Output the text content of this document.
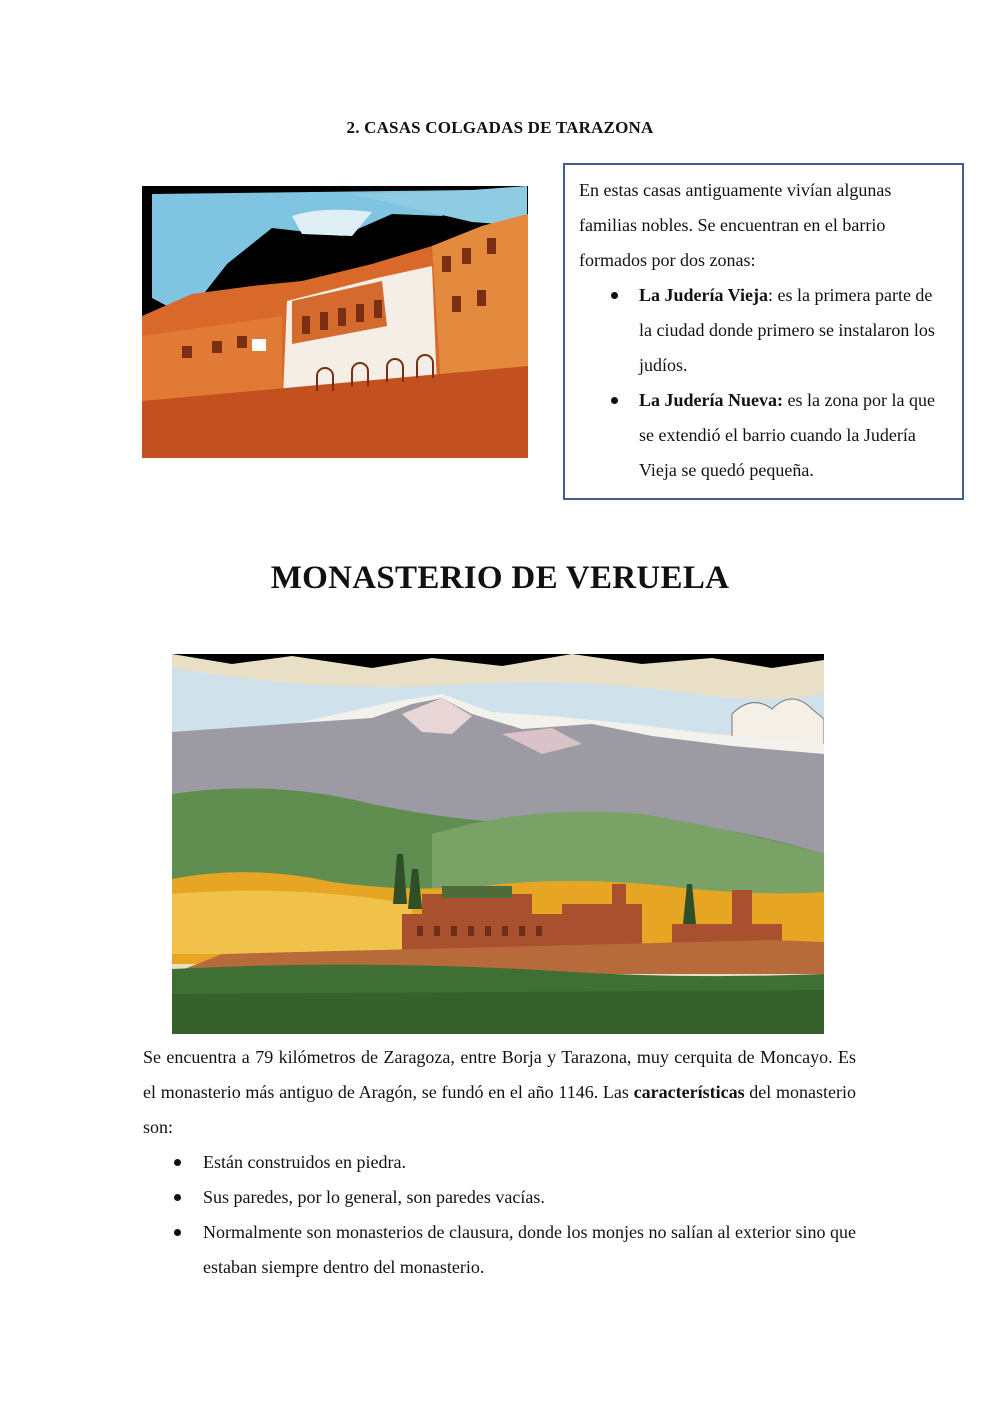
2. CASAS COLGADAS DE TARAZONA

En estas casas antiguamente vivían algunas familias nobles. Se encuentran en el barrio formados por dos zonas:

La Judería Vieja: es la primera parte de la ciudad donde primero se instalaron los judíos.
La Judería Nueva: es la zona por la que se extendió el barrio cuando la Judería Vieja se quedó pequeña.
MONASTERIO DE VERUELA

Se encuentra a 79 kilómetros de Zaragoza, entre Borja y Tarazona, muy cerquita de Moncayo. Es el monasterio más antiguo de Aragón, se fundó en el año 1146. Las características del monasterio son:

Están construidos en piedra.
Sus paredes, por lo general, son paredes vacías.
Normalmente son monasterios de clausura, donde los monjes no salían al exterior sino que estaban siempre dentro del monasterio.
